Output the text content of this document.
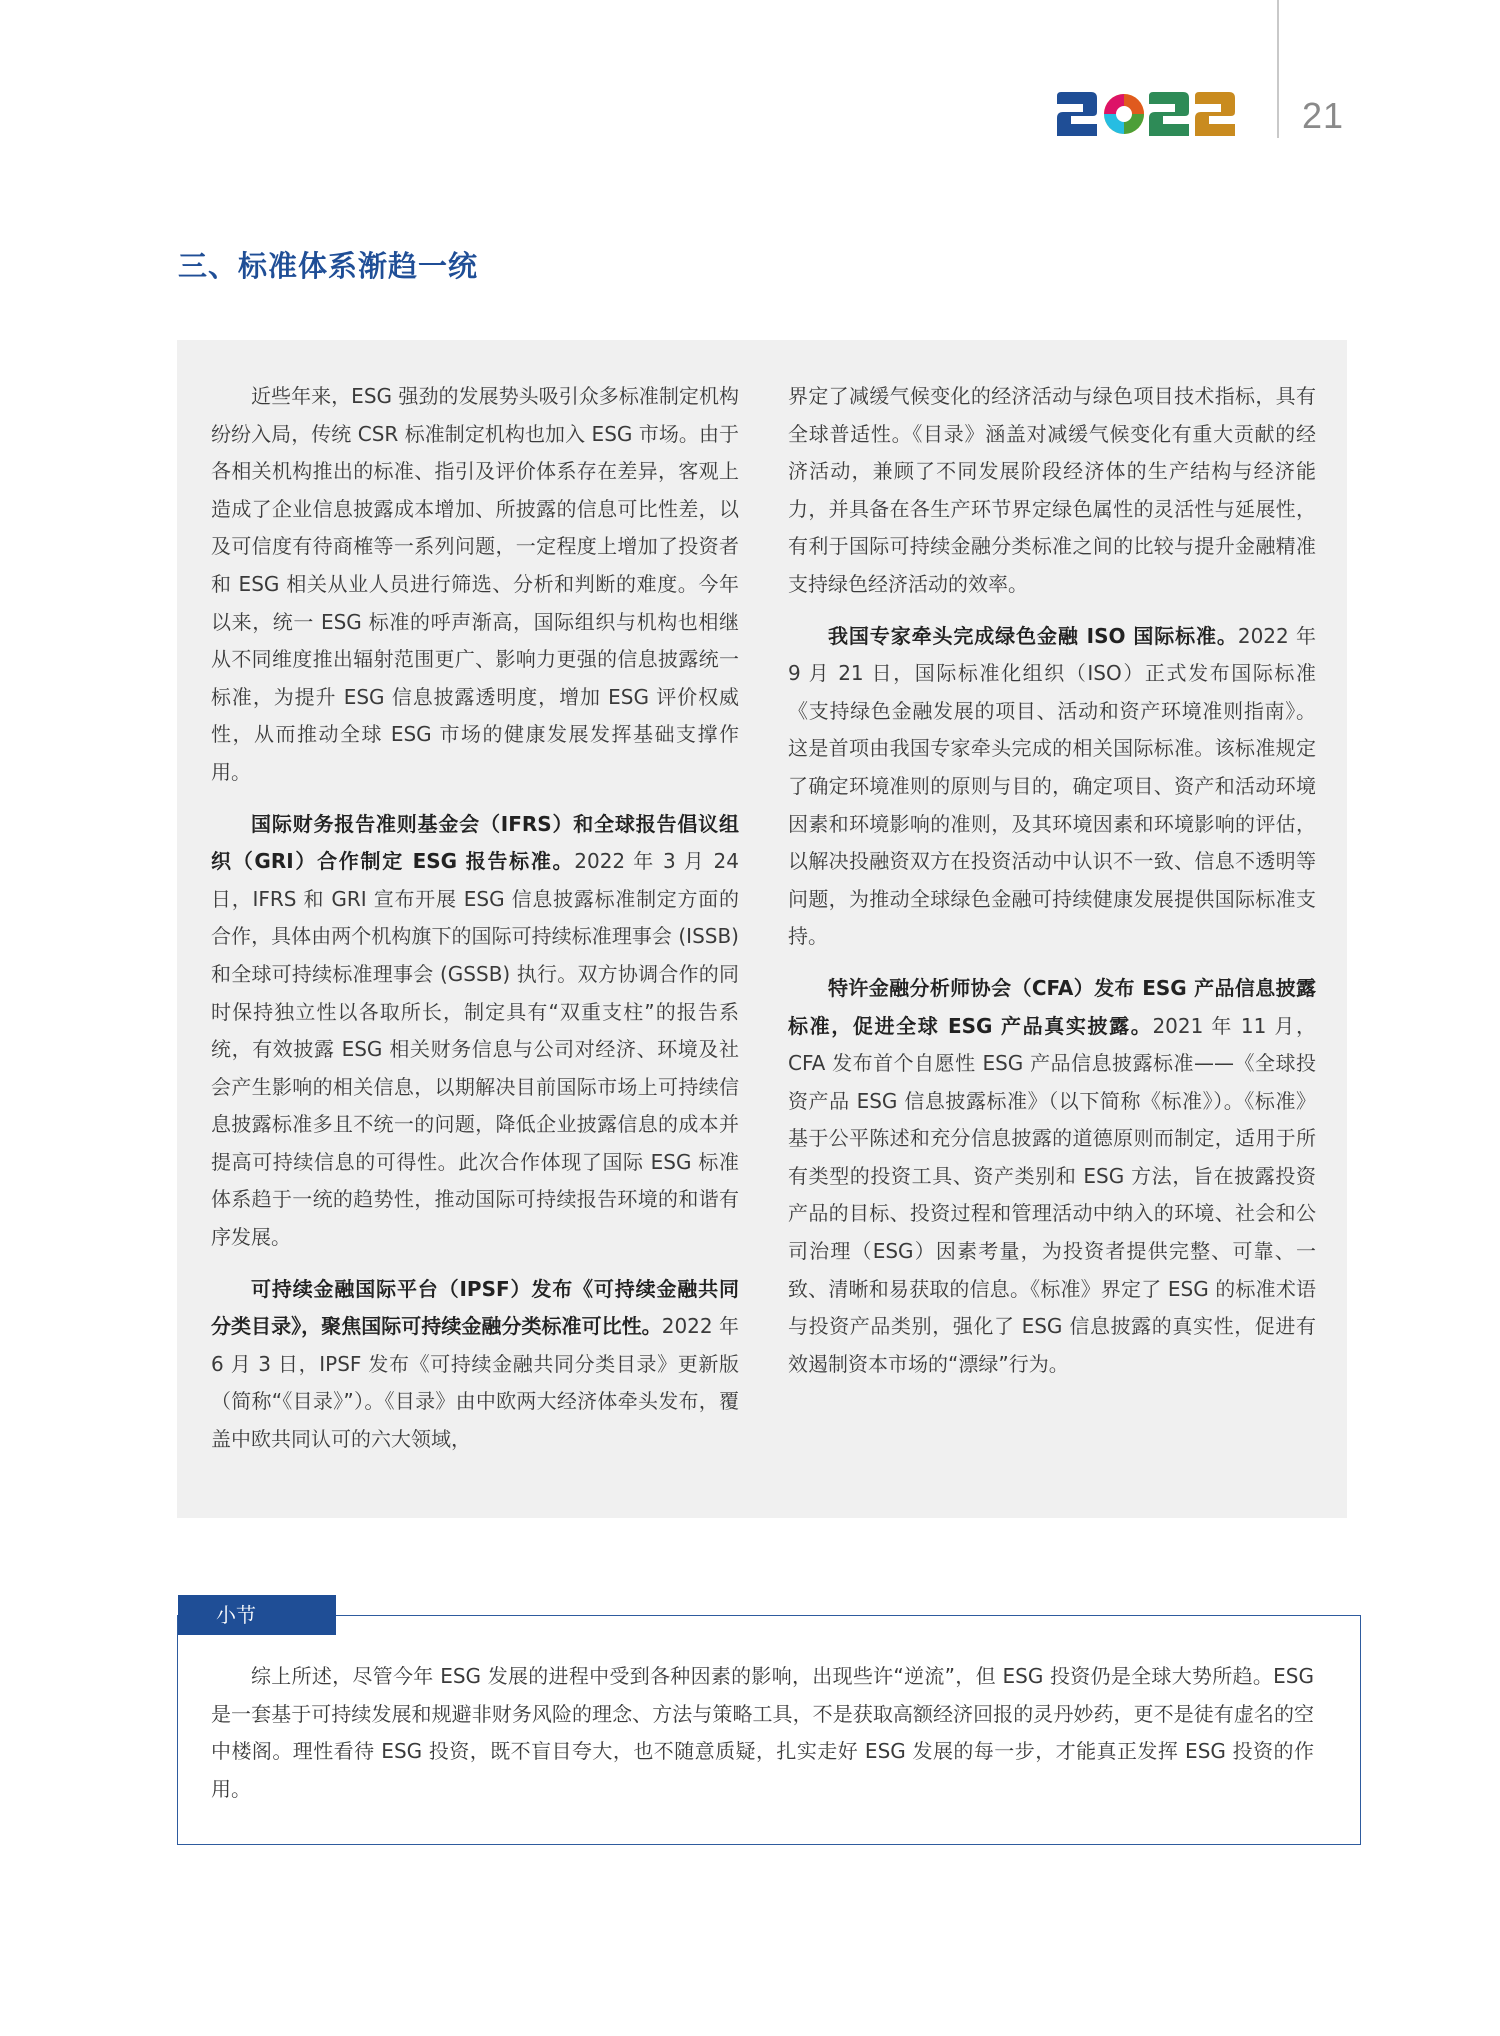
21
三、标准体系渐趋一统

近些年来，ESG 强劲的发展势头吸引众多标准制定机构纷纷入局，传统 CSR 标准制定机构也加入 ESG 市场。由于各相关机构推出的标准、指引及评价体系存在差异，客观上造成了企业信息披露成本增加、所披露的信息可比性差，以及可信度有待商榷等一系列问题，一定程度上增加了投资者和 ESG 相关从业人员进行筛选、分析和判断的难度。今年以来，统一 ESG 标准的呼声渐高，国际组织与机构也相继从不同维度推出辐射范围更广、影响力更强的信息披露统一标准，为提升 ESG 信息披露透明度，增加 ESG 评价权威性，从而推动全球 ESG 市场的健康发展发挥基础支撑作用。

国际财务报告准则基金会（IFRS）和全球报告倡议组织（GRI）合作制定 ESG 报告标准。2022 年 3 月 24 日，IFRS 和 GRI 宣布开展 ESG 信息披露标准制定方面的合作，具体由两个机构旗下的国际可持续标准理事会 (ISSB) 和全球可持续标准理事会 (GSSB) 执行。双方协调合作的同时保持独立性以各取所长，制定具有“双重支柱”的报告系统，有效披露 ESG 相关财务信息与公司对经济、环境及社会产生影响的相关信息，以期解决目前国际市场上可持续信息披露标准多且不统一的问题，降低企业披露信息的成本并提高可持续信息的可得性。此次合作体现了国际 ESG 标准体系趋于一统的趋势性，推动国际可持续报告环境的和谐有序发展。

可持续金融国际平台（IPSF）发布《可持续金融共同分类目录》，聚焦国际可持续金融分类标准可比性。2022 年 6 月 3 日，IPSF 发布《可持续金融共同分类目录》更新版（简称“《目录》”）。《目录》由中欧两大经济体牵头发布，覆盖中欧共同认可的六大领域，

界定了减缓气候变化的经济活动与绿色项目技术指标，具有全球普适性。《目录》涵盖对减缓气候变化有重大贡献的经济活动，兼顾了不同发展阶段经济体的生产结构与经济能力，并具备在各生产环节界定绿色属性的灵活性与延展性，有利于国际可持续金融分类标准之间的比较与提升金融精准支持绿色经济活动的效率。

我国专家牵头完成绿色金融 ISO 国际标准。2022 年 9 月 21 日，国际标准化组织（ISO）正式发布国际标准《支持绿色金融发展的项目、活动和资产环境准则指南》。这是首项由我国专家牵头完成的相关国际标准。该标准规定了确定环境准则的原则与目的，确定项目、资产和活动环境因素和环境影响的准则，及其环境因素和环境影响的评估，以解决投融资双方在投资活动中认识不一致、信息不透明等问题，为推动全球绿色金融可持续健康发展提供国际标准支持。

特许金融分析师协会（CFA）发布 ESG 产品信息披露标准，促进全球 ESG 产品真实披露。2021 年 11 月，CFA 发布首个自愿性 ESG 产品信息披露标准——《全球投资产品 ESG 信息披露标准》（以下简称《标准》）。《标准》基于公平陈述和充分信息披露的道德原则而制定，适用于所有类型的投资工具、资产类别和 ESG 方法，旨在披露投资产品的目标、投资过程和管理活动中纳入的环境、社会和公司治理（ESG）因素考量，为投资者提供完整、可靠、一致、清晰和易获取的信息。《标准》界定了 ESG 的标准术语与投资产品类别，强化了 ESG 信息披露的真实性，促进有效遏制资本市场的“漂绿”行为。

小节

综上所述，尽管今年 ESG 发展的进程中受到各种因素的影响，出现些许“逆流”，但 ESG 投资仍是全球大势所趋。ESG 是一套基于可持续发展和规避非财务风险的理念、方法与策略工具，不是获取高额经济回报的灵丹妙药，更不是徒有虚名的空中楼阁。理性看待 ESG 投资，既不盲目夸大，也不随意质疑，扎实走好 ESG 发展的每一步，才能真正发挥 ESG 投资的作用。
